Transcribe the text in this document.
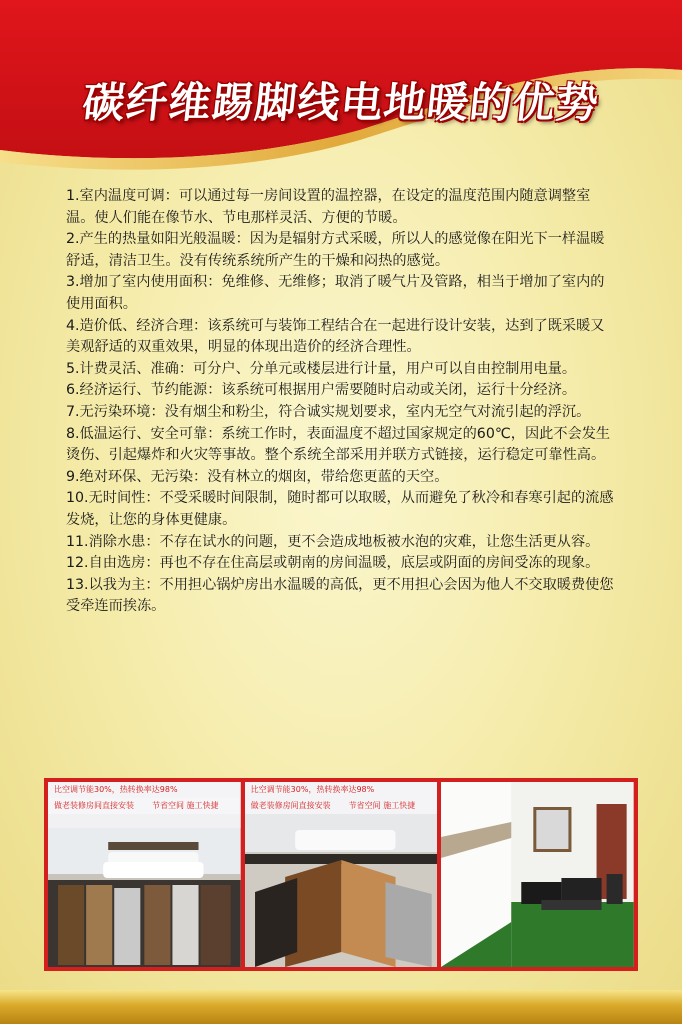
碳纤维踢脚线电地暖的优势

1.室内温度可调：可以通过每一房间设置的温控器，在设定的温度范围内随意调整室温。使人们能在像节水、节电那样灵活、方便的节暖。

2.产生的热量如阳光般温暖：因为是辐射方式采暖，所以人的感觉像在阳光下一样温暖舒适，清洁卫生。没有传统系统所产生的干燥和闷热的感觉。

3.增加了室内使用面积：免维修、无维修；取消了暖气片及管路，相当于增加了室内的使用面积。

4.造价低、经济合理：该系统可与装饰工程结合在一起进行设计安装，达到了既采暖又美观舒适的双重效果，明显的体现出造价的经济合理性。

5.计费灵活、准确：可分户、分单元或楼层进行计量，用户可以自由控制用电量。

6.经济运行、节约能源：该系统可根据用户需要随时启动或关闭，运行十分经济。

7.无污染环境：没有烟尘和粉尘，符合诚实规划要求，室内无空气对流引起的浮沉。

8.低温运行、安全可靠：系统工作时，表面温度不超过国家规定的60℃，因此不会发生烫伤、引起爆炸和火灾等事故。整个系统全部采用并联方式链接，运行稳定可靠性高。

9.绝对环保、无污染：没有林立的烟囱，带给您更蓝的天空。

10.无时间性：不受采暖时间限制，随时都可以取暖，从而避免了秋冷和春寒引起的流感发烧，让您的身体更健康。

11.消除水患：不存在试水的问题，更不会造成地板被水泡的灾难，让您生活更从容。

12.自由选房：再也不存在住高层或朝南的房间温暖，底层或阴面的房间受冻的现象。

13.以我为主：不用担心锅炉房出水温暖的高低，更不用担心会因为他人不交取暖费使您受牵连而挨冻。

比空调节能30%，热转换率达98%
做老装修房间直接安装 节省空间 施工快捷
比空调节能30%，热转换率达98%
做老装修房间直接安装 节省空间 施工快捷
